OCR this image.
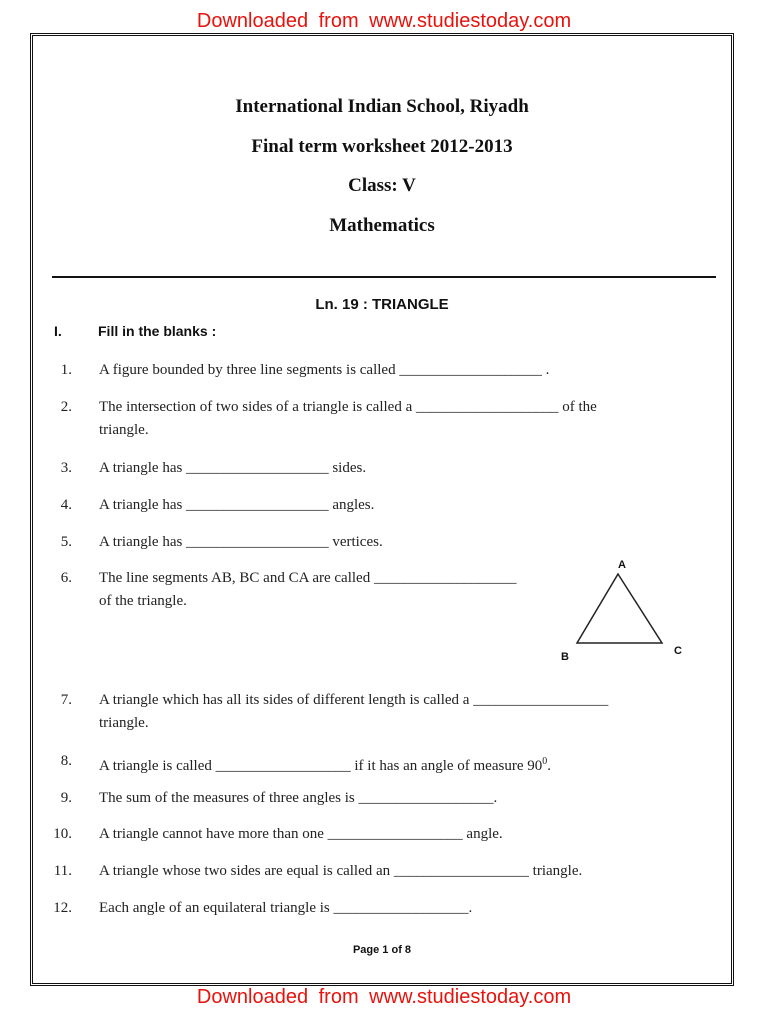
Downloaded from www.studiestoday.com
International Indian School, Riyadh
Final term worksheet 2012-2013
Class: V
Mathematics
Ln. 19 : TRIANGLE
I.	Fill in the blanks :
1. A figure bounded by three line segments is called ___________________ .
2. The intersection of two sides of a triangle is called a ___________________ of the
triangle.
3. A triangle has ___________________ sides.
4. A triangle has ___________________ angles.
5. A triangle has ___________________ vertices.
6. The line segments AB, BC and CA are called ___________________
of the triangle.
A
B	C
7. A triangle which has all its sides of different length is called a __________________
triangle.
8. A triangle is called __________________ if it has an angle of measure $90^0$.
9. The sum of the measures of three angles is __________________.
10. A triangle cannot have more than one __________________ angle.
11. A triangle whose two sides are equal is called an __________________ triangle.
12. Each angle of an equilateral triangle is __________________.
Page 1 of 8
Downloaded from www.studiestoday.com
